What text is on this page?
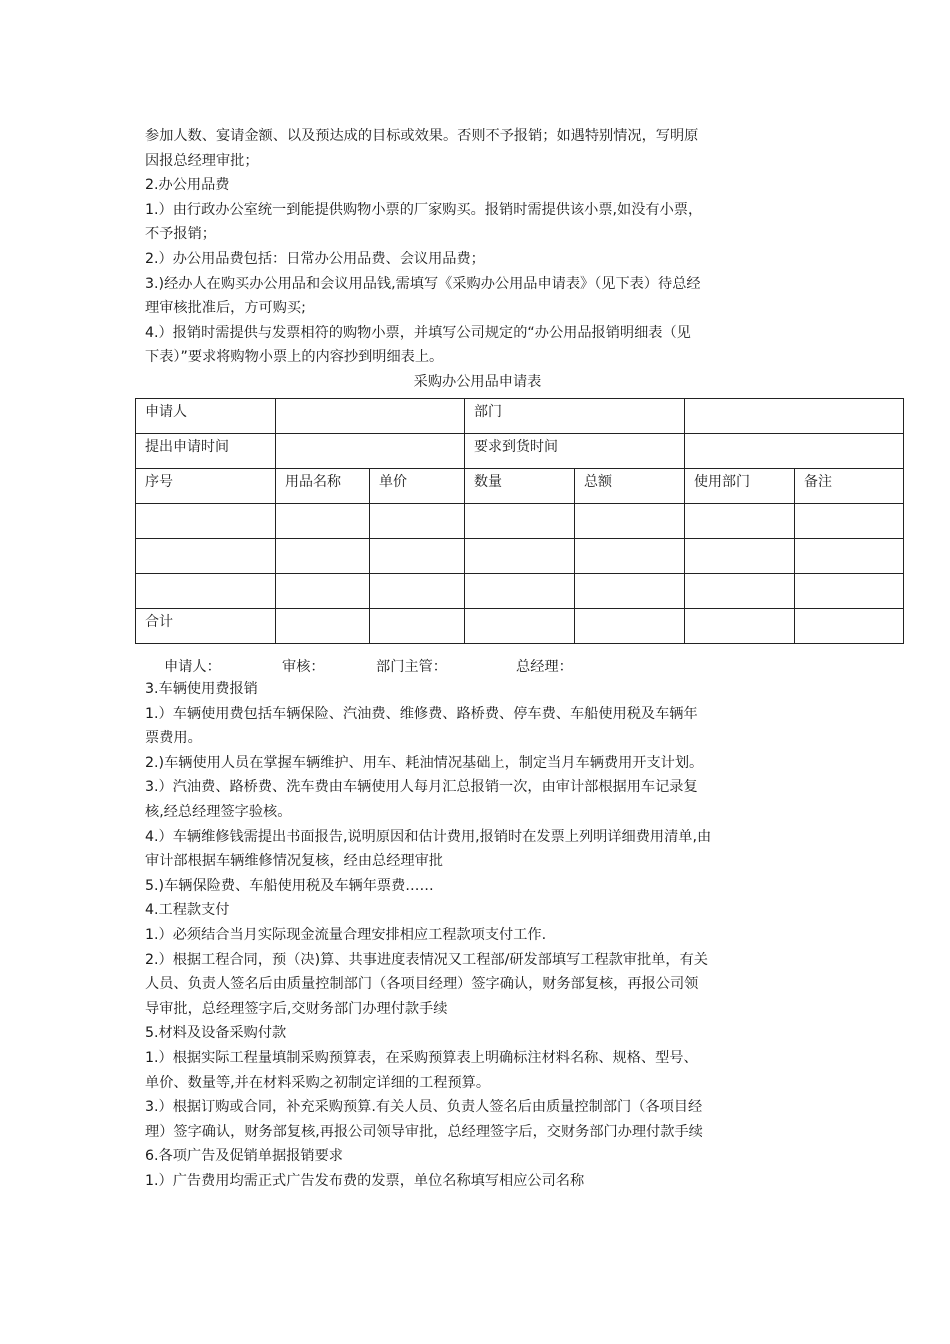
参加人数、宴请金额、以及预达成的目标或效果。否则不予报销；如遇特别情况，写明原

因报总经理审批；

2.办公用品费

1.）由行政办公室统一到能提供购物小票的厂家购买。报销时需提供该小票,如没有小票，

不予报销；

2.）办公用品费包括：日常办公用品费、会议用品费；

3.)经办人在购买办公用品和会议用品钱,需填写《采购办公用品申请表》（见下表）待总经

理审核批准后，方可购买;

4.）报销时需提供与发票相符的购物小票，并填写公司规定的“办公用品报销明细表（见

下表）”要求将购物小票上的内容抄到明细表上。

采购办公用品申请表

申请人			部门			
提出申请时间			要求到货时间			
序号	用品名称	单价	数量	总额	使用部门	备注

合计						
申请人：	审核：	部门主管：	总经理：

3.车辆使用费报销

1.）车辆使用费包括车辆保险、汽油费、维修费、路桥费、停车费、车船使用税及车辆年

票费用。

2.)车辆使用人员在掌握车辆维护、用车、耗油情况基础上，制定当月车辆费用开支计划。

3.）汽油费、路桥费、洗车费由车辆使用人每月汇总报销一次，由审计部根据用车记录复

核,经总经理签字验核。

4.）车辆维修钱需提出书面报告,说明原因和估计费用,报销时在发票上列明详细费用清单,由

审计部根据车辆维修情况复核，经由总经理审批

5.)车辆保险费、车船使用税及车辆年票费……

4.工程款支付

1.）必须结合当月实际现金流量合理安排相应工程款项支付工作.

2.）根据工程合同，预（决)算、共事进度表情况又工程部/研发部填写工程款审批单，有关

人员、负责人签名后由质量控制部门（各项目经理）签字确认，财务部复核，再报公司领

导审批，总经理签字后,交财务部门办理付款手续

5.材料及设备采购付款

1.）根据实际工程量填制采购预算表，在采购预算表上明确标注材料名称、规格、型号、

单价、数量等,并在材料采购之初制定详细的工程预算。

3.）根据订购或合同，补充采购预算.有关人员、负责人签名后由质量控制部门（各项目经

理）签字确认，财务部复核,再报公司领导审批，总经理签字后，交财务部门办理付款手续

6.各项广告及促销单据报销要求

1.）广告费用均需正式广告发布费的发票，单位名称填写相应公司名称
